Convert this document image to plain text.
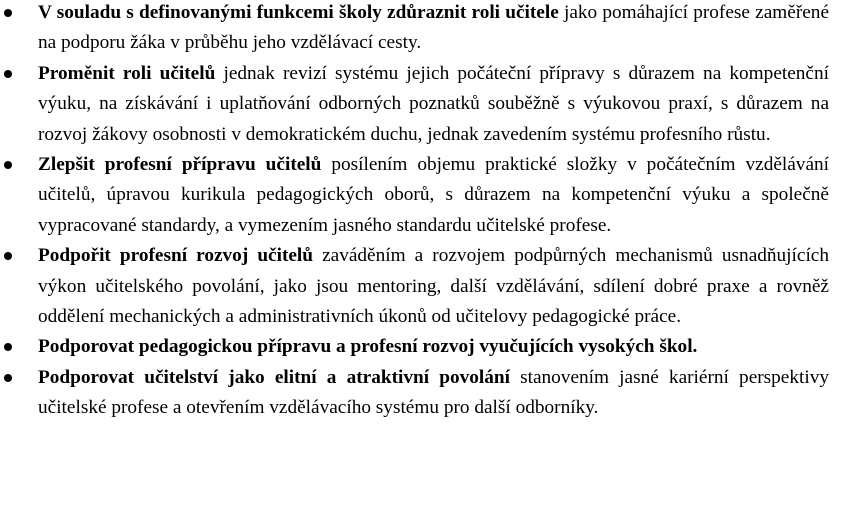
V souladu s definovanými funkcemi školy zdůraznit roli učitele jako pomáhající profese zaměřené na podporu žáka v průběhu jeho vzdělávací cesty.
Proměnit roli učitelů jednak revizí systému jejich počáteční přípravy s důrazem na kompetenční výuku, na získávání i uplatňování odborných poznatků souběžně s výukovou praxí, s důrazem na rozvoj žákovy osobnosti v demokratickém duchu, jednak zavedením systému profesního růstu.
Zlepšit profesní přípravu učitelů posílením objemu praktické složky v počátečním vzdělávání učitelů, úpravou kurikula pedagogických oborů, s důrazem na kompetenční výuku a společně vypracované standardy, a vymezením jasného standardu učitelské profese.
Podpořit profesní rozvoj učitelů zaváděním a rozvojem podpůrných mechanismů usnadňujících výkon učitelského povolání, jako jsou mentoring, další vzdělávání, sdílení dobré praxe a rovněž oddělení mechanických a administrativních úkonů od učitelovy pedagogické práce.
Podporovat pedagogickou přípravu a profesní rozvoj vyučujících vysokých škol.
Podporovat učitelství jako elitní a atraktivní povolání stanovením jasné kariérní perspektivy učitelské profese a otevřením vzdělávacího systému pro další odborníky.
